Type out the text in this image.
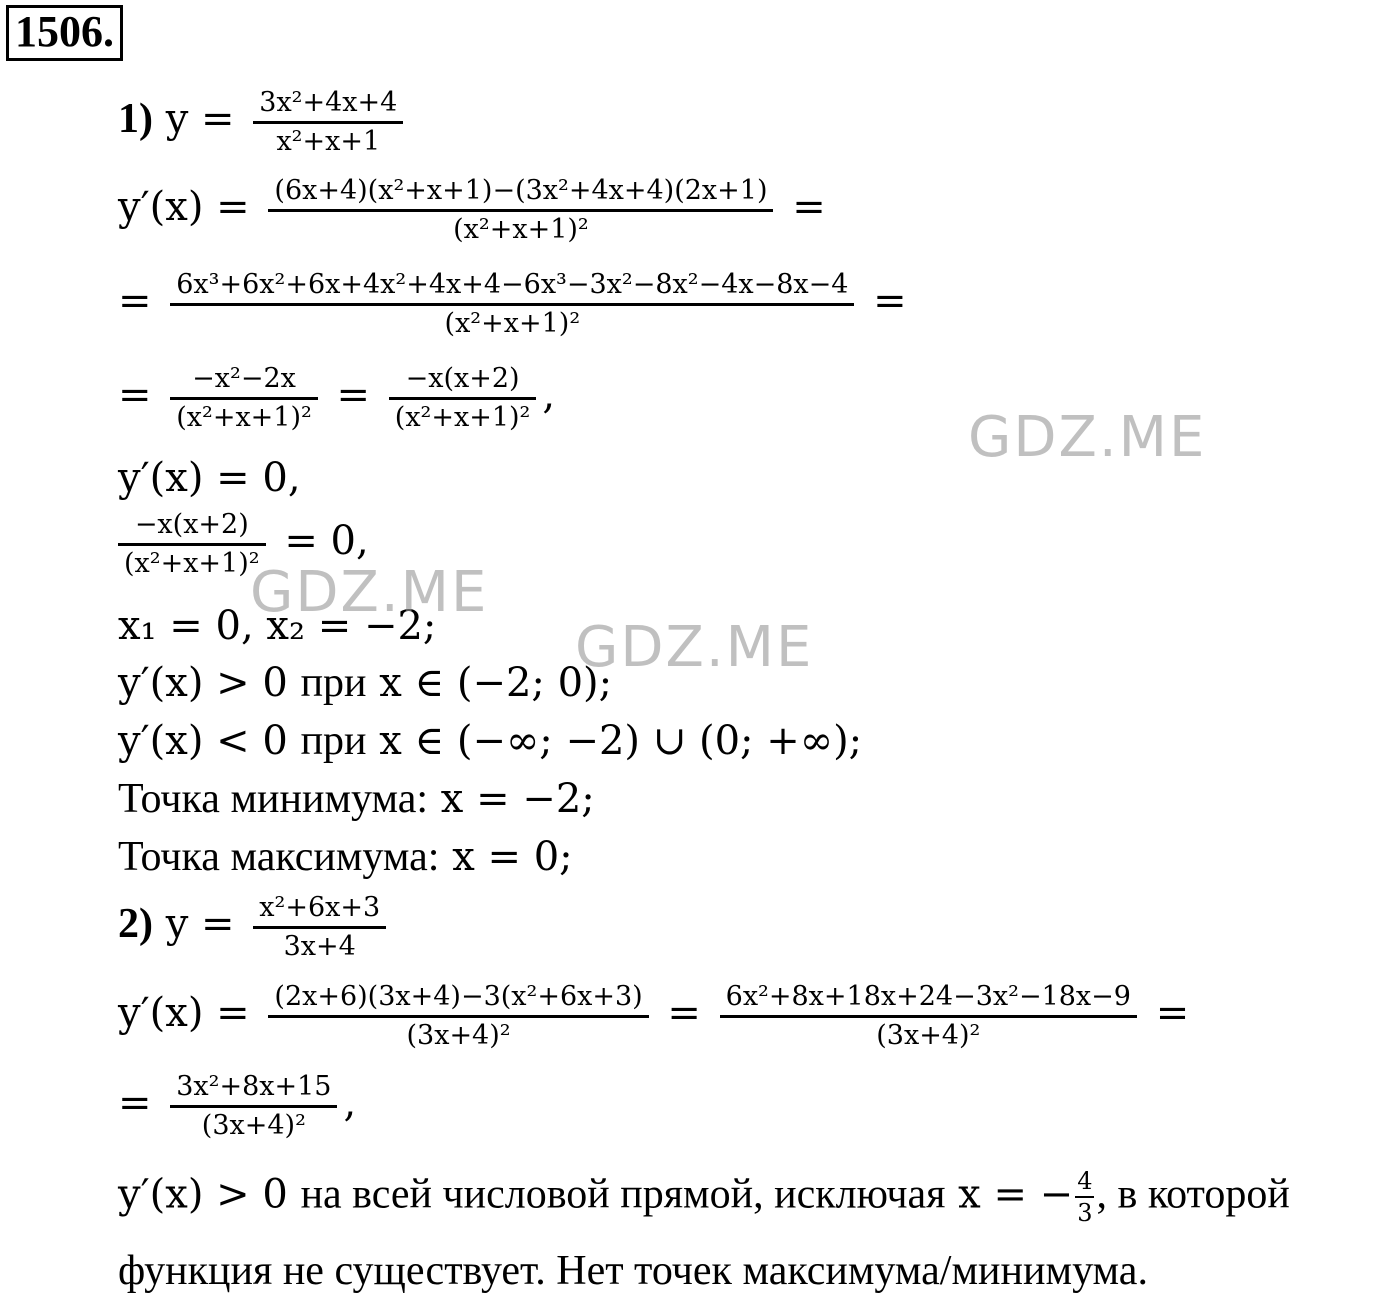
1506.
1) $y = \frac{\text{3x²+4x+4}}{\text{x²+x+1}}$
$y'(x) = \frac{\text{(6x+4)(x²+x+1)−(3x²+4x+4)(2x+1)}}{\text{(x²+x+1)²}}$ =
= $\frac{\text{6x³+6x²+6x+4x²+4x+4−6x³−3x²−8x²−4x−8x−4}}{\text{(x²+x+1)²}}$ =
= $\frac{\text{−x²−2x}}{\text{(x²+x+1)²}} = \frac{-x(x+2)}{\text{(x²+x+1)²}}$ ,
y′(x) = 0,
$\frac{-x(x+2)}{\text{(x²+x+1)²}} = 0$,
x₁ = 0, x₂ = −2;
y′(x) > 0 при x ∈ (−2; 0);
y′(x) < 0 при x ∈ (−∞; −2) ∪ (0; +∞);
Точка минимума: x = −2;
Точка максимума: x = 0;
2) $y = \frac{\text{x²+6x+3}}{3x+4}$
$y'(x) = \frac{\text{(2x+6)(3x+4)−3(x²+6x+3)}}{\text{(3x+4)²}} = \frac{\text{6x²+8x+18x+24−3x²−18x−9}}{\text{(3x+4)²}}$ =
= $\frac{\text{3x²+8x+15}}{\text{(3x+4)²}}$ ,
y′(x) > 0 на всей числовой прямой, исключая x = − $\frac{4}{3}$ , в которой
функция не существует. Нет точек максимума/минимума.
GDZ.ME
GDZ.ME
GDZ.ME
